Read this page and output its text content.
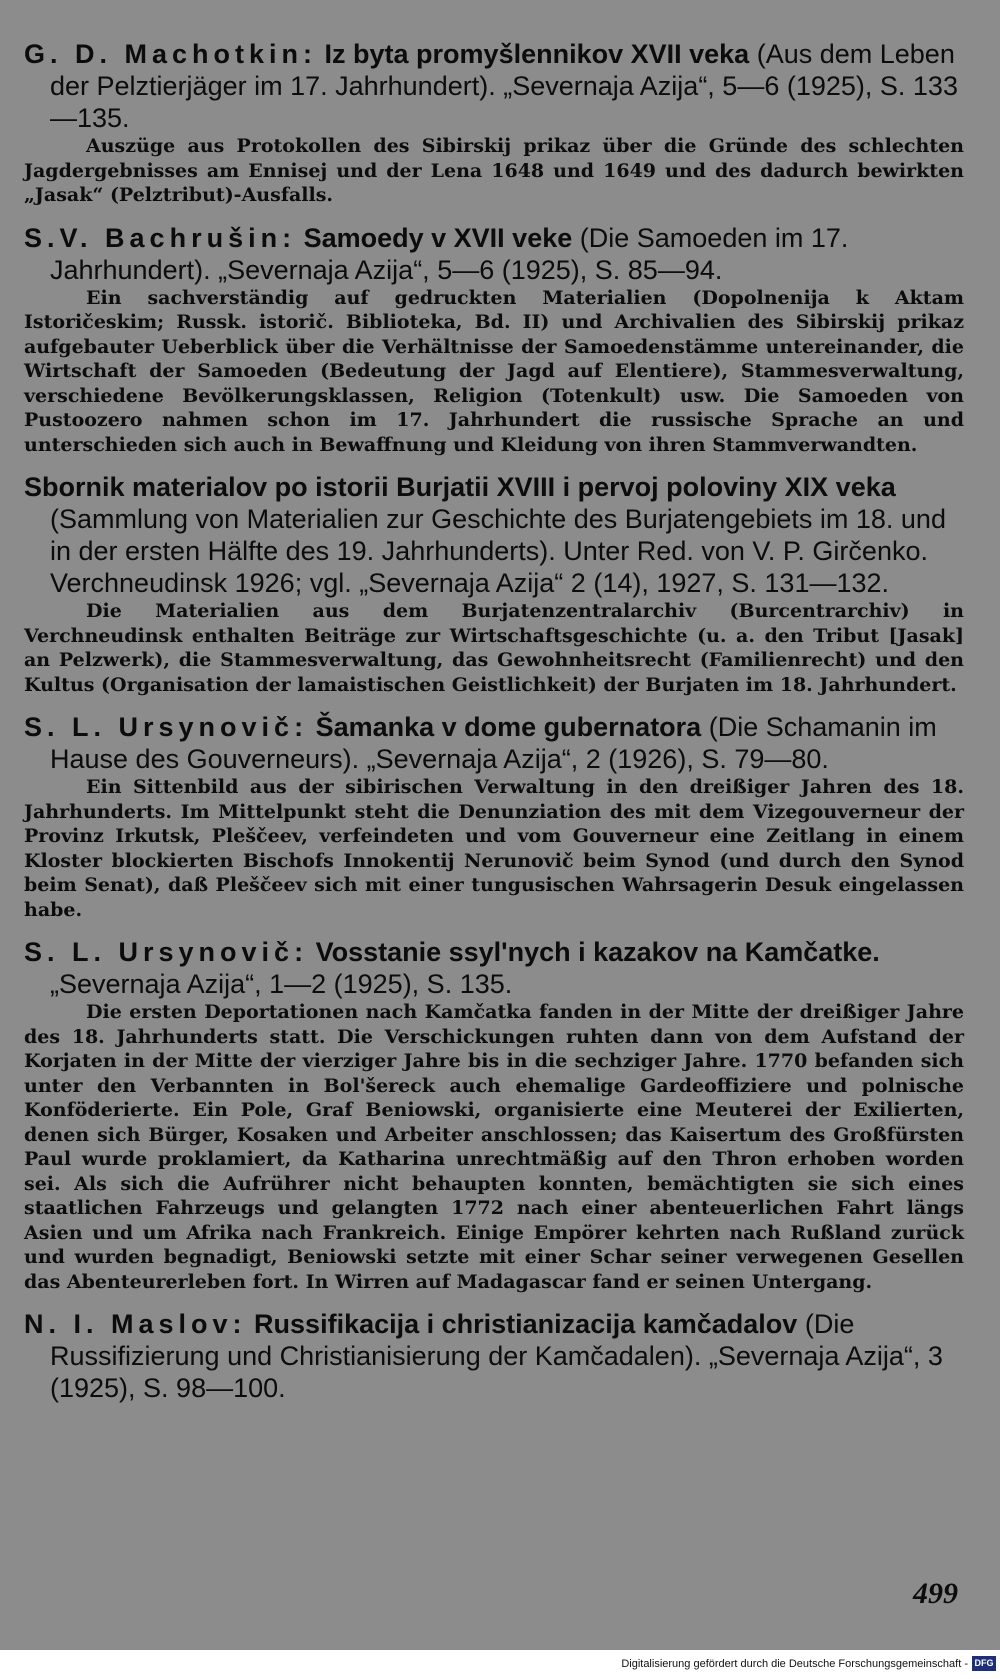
G. D. Machotkin: Iz byta promyšlennikov XVII veka (Aus dem Leben der Pelztierjäger im 17. Jahrhundert). „Severnaja Azija“, 5—6 (1925), S. 133—135.
Auszüge aus Protokollen des Sibirskij prikaz über die Gründe des schlechten Jagdergebnisses am Ennisej und der Lena 1648 und 1649 und des dadurch bewirkten „Jasak“ (Pelztribut)-Ausfalls.
S.V. Bachrušin: Samoedy v XVII veke (Die Samoeden im 17. Jahrhundert). „Severnaja Azija“, 5—6 (1925), S. 85—94.
Ein sachverständig auf gedruckten Materialien (Dopolnenija k Aktam Istoričeskim; Russk. istorič. Biblioteka, Bd. II) und Archivalien des Sibirskij prikaz aufgebauter Ueberblick über die Verhältnisse der Samoedenstämme untereinander, die Wirtschaft der Samoeden (Bedeutung der Jagd auf Elentiere), Stammesverwaltung, verschiedene Bevölkerungsklassen, Religion (Totenkult) usw. Die Samoeden von Pustoozero nahmen schon im 17. Jahrhundert die russische Sprache an und unterschieden sich auch in Bewaffnung und Kleidung von ihren Stammverwandten.
Sbornik materialov po istorii Burjatii XVIII i pervoj poloviny XIX veka (Sammlung von Materialien zur Geschichte des Burjatengebiets im 18. und in der ersten Hälfte des 19. Jahrhunderts). Unter Red. von V. P. Girčenko. Verchneudinsk 1926; vgl. „Severnaja Azija“ 2 (14), 1927, S. 131—132.
Die Materialien aus dem Burjatenzentralarchiv (Burcentrarchiv) in Verchneudinsk enthalten Beiträge zur Wirtschaftsgeschichte (u. a. den Tribut [Jasak] an Pelzwerk), die Stammesverwaltung, das Gewohnheitsrecht (Familienrecht) und den Kultus (Organisation der lamaistischen Geistlichkeit) der Burjaten im 18. Jahrhundert.
S. L. Ursynovič: Šamanka v dome gubernatora (Die Schamanin im Hause des Gouverneurs). „Severnaja Azija“, 2 (1926), S. 79—80.
Ein Sittenbild aus der sibirischen Verwaltung in den dreißiger Jahren des 18. Jahrhunderts. Im Mittelpunkt steht die Denunziation des mit dem Vizegouverneur der Provinz Irkutsk, Pleščeev, verfeindeten und vom Gouverneur eine Zeitlang in einem Kloster blockierten Bischofs Innokentij Nerunovič beim Synod (und durch den Synod beim Senat), daß Pleščeev sich mit einer tungusischen Wahrsagerin Desuk eingelassen habe.
S. L. Ursynovič: Vosstanie ssyl'nych i kazakov na Kamčatke. „Severnaja Azija“, 1—2 (1925), S. 135.
Die ersten Deportationen nach Kamčatka fanden in der Mitte der dreißiger Jahre des 18. Jahrhunderts statt. Die Verschickungen ruhten dann von dem Aufstand der Korjaten in der Mitte der vierziger Jahre bis in die sechziger Jahre. 1770 befanden sich unter den Verbannten in Bol'šereck auch ehemalige Gardeoffiziere und polnische Konföderierte. Ein Pole, Graf Beniowski, organisierte eine Meuterei der Exilierten, denen sich Bürger, Kosaken und Arbeiter anschlossen; das Kaisertum des Großfürsten Paul wurde proklamiert, da Katharina unrechtmäßig auf den Thron erhoben worden sei. Als sich die Aufrührer nicht behaupten konnten, bemächtigten sie sich eines staatlichen Fahrzeugs und gelangten 1772 nach einer abenteuerlichen Fahrt längs Asien und um Afrika nach Frankreich. Einige Empörer kehrten nach Rußland zurück und wurden begnadigt, Beniowski setzte mit einer Schar seiner verwegenen Gesellen das Abenteurerleben fort. In Wirren auf Madagascar fand er seinen Untergang.
N. I. Maslov: Russifikacija i christianizacija kamčadalov (Die Russifizierung und Christianisierung der Kamčadalen). „Severnaja Azija“, 3 (1925), S. 98—100.
499
Digitalisierung gefördert durch die Deutsche Forschungsgemeinschaft - DFG
